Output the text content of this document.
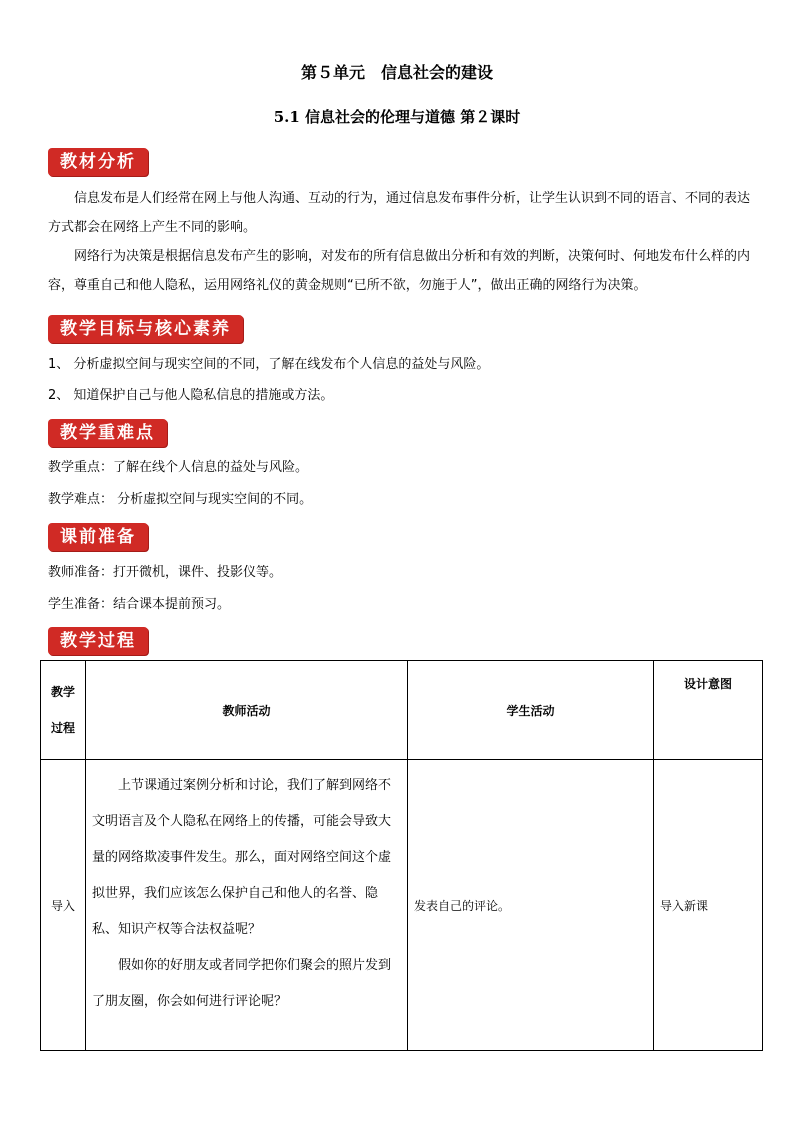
第５单元　信息社会的建设
5.1 信息社会的伦理与道德 第２课时
教材分析

信息发布是人们经常在网上与他人沟通、互动的行为，通过信息发布事件分析，让学生认识到不同的语言、不同的表达方式都会在网络上产生不同的影响。

网络行为决策是根据信息发布产生的影响，对发布的所有信息做出分析和有效的判断，决策何时、何地发布什么样的内容，尊重自己和他人隐私，运用网络礼仪的黄金规则“已所不欲，勿施于人”，做出正确的网络行为决策。

教学目标与核心素养
1、 分析虚拟空间与现实空间的不同，了解在线发布个人信息的益处与风险。
2、 知道保护自己与他人隐私信息的措施或方法。
教学重难点
教学重点：了解在线个人信息的益处与风险。
教学难点： 分析虚拟空间与现实空间的不同。
课前准备
教师准备：打开微机，课件、投影仪等。
学生准备：结合课本提前预习。
教学过程
教学
过程	教师活动	学生活动	设计意图
导入	上节课通过案例分析和讨论，我们了解到网络不文明语言及个人隐私在网络上的传播，可能会导致大量的网络欺凌事件发生。那么，面对网络空间这个虚拟世界，我们应该怎么保护自己和他人的名誉、隐私、知识产权等合法权益呢？

假如你的好朋友或者同学把你们聚会的照片发到了朋友圈，你会如何进行评论呢？	发表自己的评论。	导入新课
